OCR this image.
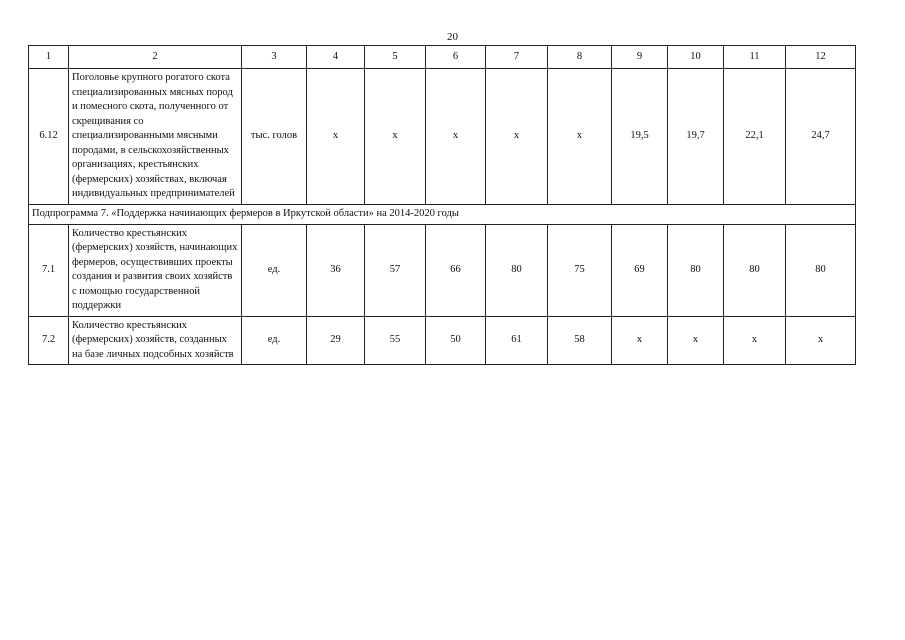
20
1	2	3	4	5	6	7	8	9	10	11	12
6.12	Поголовье крупного рогатого скота специализированных мясных пород и помесного скота, полученного от скрещивания со специализированными мясными породами, в сельскохозяйственных организациях, крестьянских (фермерских) хозяйствах, включая индивидуальных предпринимателей	тыс. голов	x	x	x	x	x	19,5	19,7	22,1	24,7
Подпрограмма 7. «Поддержка начинающих фермеров в Иркутской области» на 2014-2020 годы											
7.1	Количество крестьянских (фермерских) хозяйств, начинающих фермеров, осуществивших проекты создания и развития своих хозяйств с помощью государственной поддержки	ед.	36	57	66	80	75	69	80	80	80
7.2	Количество крестьянских (фермерских) хозяйств, созданных на базе личных подсобных хозяйств	ед.	29	55	50	61	58	x	x	x	x
